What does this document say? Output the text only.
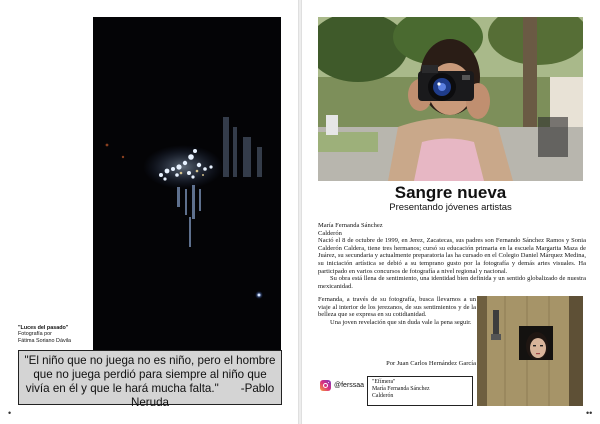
"Luces del pasado"
Fotografía por
Fátima Soriano Dávila
"El niño que no juega no es niño, pero el hombre que no juega perdió para siempre al niño que vivía en él y que le hará mucha falta." -Pablo Neruda
•
Sangre nueva
Presentando jóvenes artistas

María Fernanda Sánchez

Calderón

Nació el 8 de octubre de 1999, en Jerez, Zacatecas, sus padres son Fernando Sánchez Ramos y Sonia Calderón Caldera, tiene tres hermanos; cursó su educación primaria en la escuela Margarita Maza de Juárez, su secundaria y actualmente preparatoria las ha cursado en el Colegio Daniel Márquez Medina, su iniciación artística se debió a su temprano gusto por la fotografía y demás artes visuales. Ha participado en varios concursos de fotografía a nivel regional y nacional.

Su obra está llena de sentimiento, una identidad bien definida y un sentido globalizado de nuestra mexicanidad.

Fernanda, a través de su fotografía, busca llevarnos a un viaje al interior de los jerezanos, de sus sentimientos y de la belleza que se expresa en su cotidianidad.

Una joven revelación que sin duda vale la pena seguir.

Por Juan Carlos Hernández García
@ferssaa "Efímera"
María Fernanda Sánchez
Calderón
••
